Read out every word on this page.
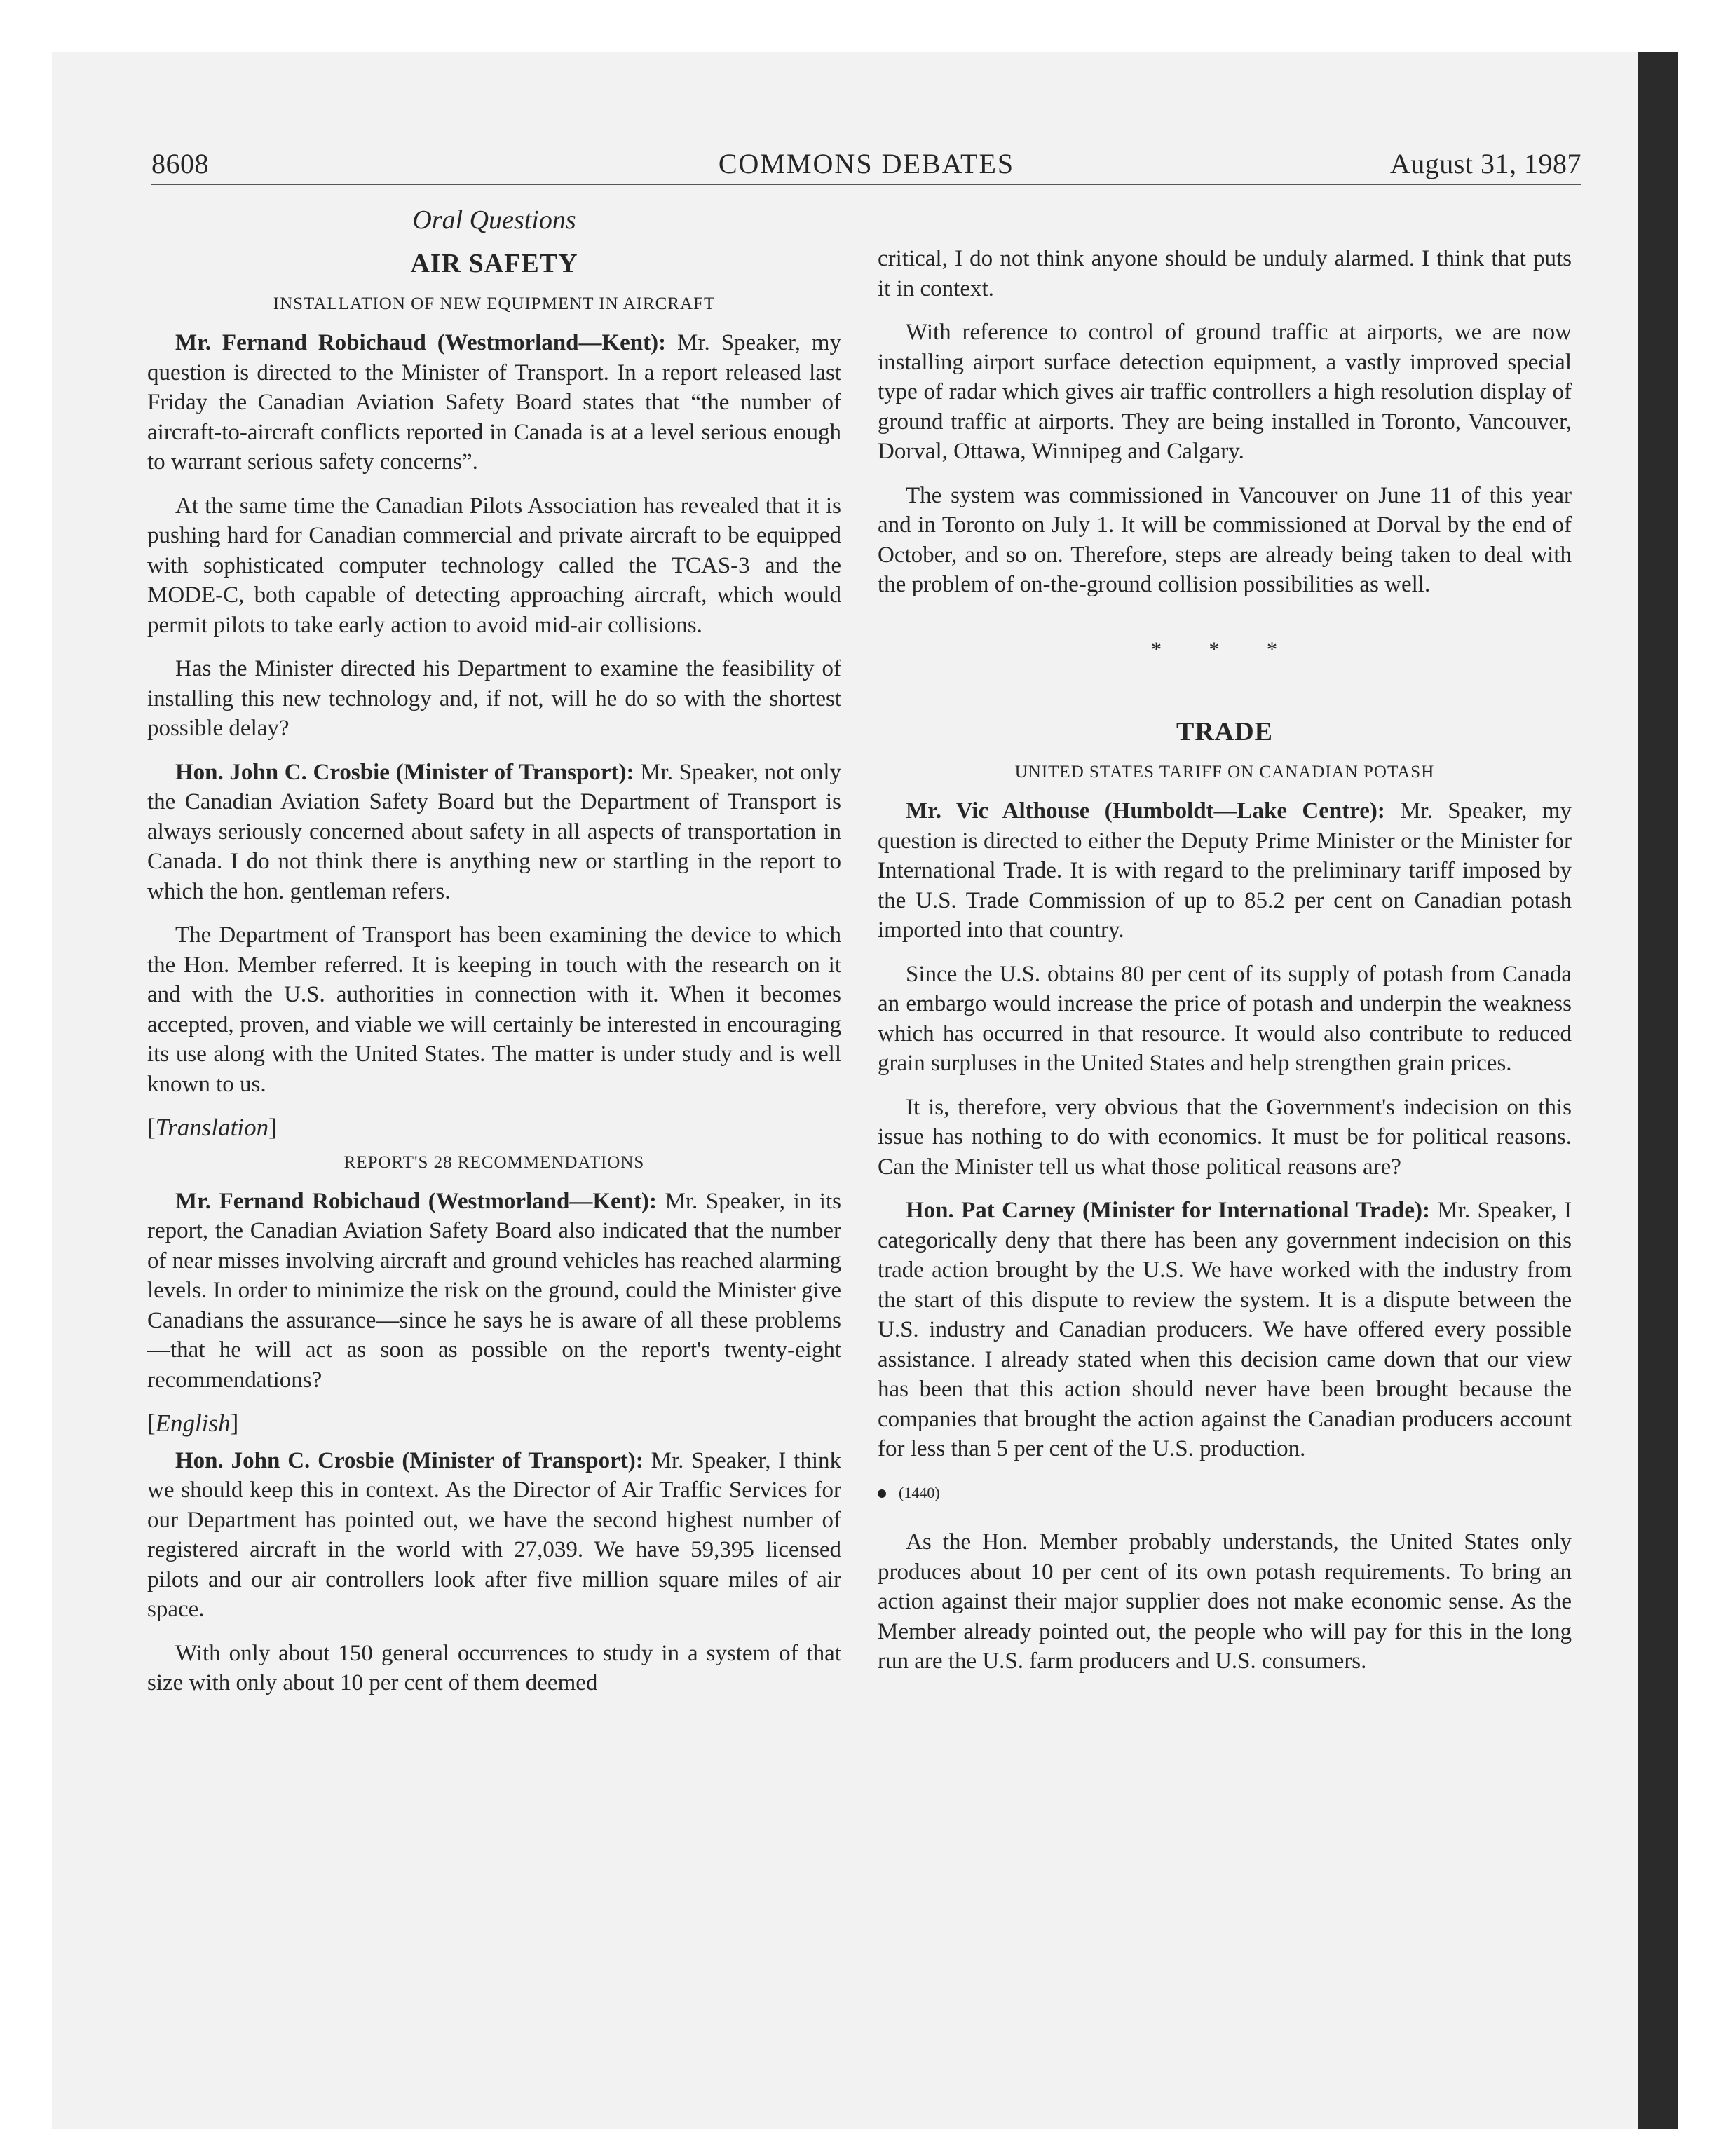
8608	COMMONS DEBATES	August 31, 1987
Oral Questions
AIR SAFETY
INSTALLATION OF NEW EQUIPMENT IN AIRCRAFT

Mr. Fernand Robichaud (Westmorland—Kent): Mr. Speaker, my question is directed to the Minister of Transport. In a report released last Friday the Canadian Aviation Safety Board states that “the number of aircraft-to-aircraft conflicts reported in Canada is at a level serious enough to warrant serious safety concerns”.

At the same time the Canadian Pilots Association has revealed that it is pushing hard for Canadian commercial and private aircraft to be equipped with sophisticated computer technology called the TCAS-3 and the MODE-C, both capable of detecting approaching aircraft, which would permit pilots to take early action to avoid mid-air collisions.

Has the Minister directed his Department to examine the feasibility of installing this new technology and, if not, will he do so with the shortest possible delay?

Hon. John C. Crosbie (Minister of Transport): Mr. Speaker, not only the Canadian Aviation Safety Board but the Department of Transport is always seriously concerned about safety in all aspects of transportation in Canada. I do not think there is anything new or startling in the report to which the hon. gentleman refers.

The Department of Transport has been examining the device to which the Hon. Member referred. It is keeping in touch with the research on it and with the U.S. authorities in connection with it. When it becomes accepted, proven, and viable we will certainly be interested in encouraging its use along with the United States. The matter is under study and is well known to us.

[Translation]
REPORT'S 28 RECOMMENDATIONS

Mr. Fernand Robichaud (Westmorland—Kent): Mr. Speaker, in its report, the Canadian Aviation Safety Board also indicated that the number of near misses involving aircraft and ground vehicles has reached alarming levels. In order to minimize the risk on the ground, could the Minister give Canadians the assurance—since he says he is aware of all these problems—that he will act as soon as possible on the report's twenty-eight recommendations?

[English]

Hon. John C. Crosbie (Minister of Transport): Mr. Speaker, I think we should keep this in context. As the Director of Air Traffic Services for our Department has pointed out, we have the second highest number of registered aircraft in the world with 27,039. We have 59,395 licensed pilots and our air controllers look after five million square miles of air space.

With only about 150 general occurrences to study in a system of that size with only about 10 per cent of them deemed

critical, I do not think anyone should be unduly alarmed. I think that puts it in context.

With reference to control of ground traffic at airports, we are now installing airport surface detection equipment, a vastly improved special type of radar which gives air traffic controllers a high resolution display of ground traffic at airports. They are being installed in Toronto, Vancouver, Dorval, Ottawa, Winnipeg and Calgary.

The system was commissioned in Vancouver on June 11 of this year and in Toronto on July 1. It will be commissioned at Dorval by the end of October, and so on. Therefore, steps are already being taken to deal with the problem of on-the-ground collision possibilities as well.

* * *
TRADE
UNITED STATES TARIFF ON CANADIAN POTASH

Mr. Vic Althouse (Humboldt—Lake Centre): Mr. Speaker, my question is directed to either the Deputy Prime Minister or the Minister for International Trade. It is with regard to the preliminary tariff imposed by the U.S. Trade Commission of up to 85.2 per cent on Canadian potash imported into that country.

Since the U.S. obtains 80 per cent of its supply of potash from Canada an embargo would increase the price of potash and underpin the weakness which has occurred in that resource. It would also contribute to reduced grain surpluses in the United States and help strengthen grain prices.

It is, therefore, very obvious that the Government's indecision on this issue has nothing to do with economics. It must be for political reasons. Can the Minister tell us what those political reasons are?

Hon. Pat Carney (Minister for International Trade): Mr. Speaker, I categorically deny that there has been any government indecision on this trade action brought by the U.S. We have worked with the industry from the start of this dispute to review the system. It is a dispute between the U.S. industry and Canadian producers. We have offered every possible assistance. I already stated when this decision came down that our view has been that this action should never have been brought because the companies that brought the action against the Canadian producers account for less than 5 per cent of the U.S. production.

(1440)

As the Hon. Member probably understands, the United States only produces about 10 per cent of its own potash requirements. To bring an action against their major supplier does not make economic sense. As the Member already pointed out, the people who will pay for this in the long run are the U.S. farm producers and U.S. consumers.
